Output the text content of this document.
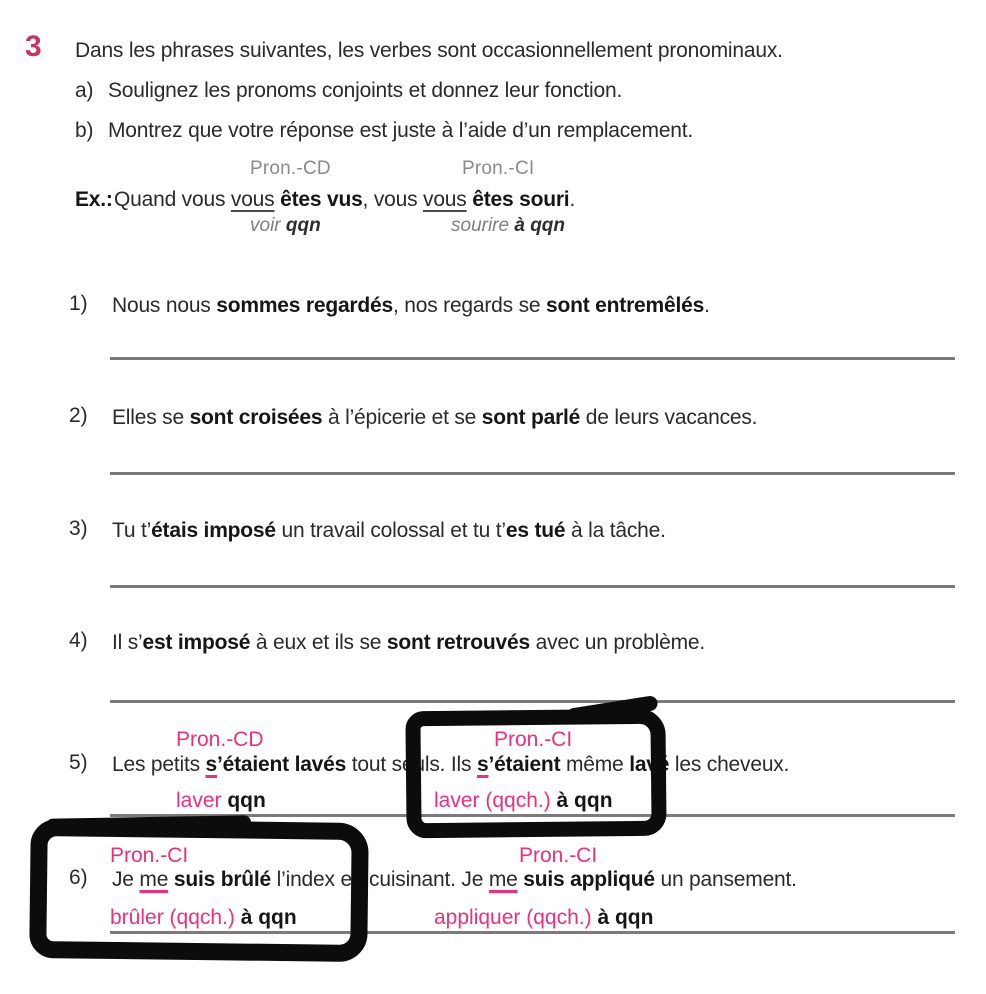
3 Dans les phrases suivantes, les verbes sont occasionnellement pronominaux.
a) Soulignez les pronoms conjoints et donnez leur fonction.
b) Montrez que votre réponse est juste à l’aide d’un remplacement.
Pron.-CD	Pron.-CI
Ex.: Quand vous vous êtes vus, vous vous êtes souri.
voir qqn	sourire à qqn
1) Nous nous sommes regardés, nos regards se sont entremêlés.
2) Elles se sont croisées à l’épicerie et se sont parlé de leurs vacances.
3) Tu t’étais imposé un travail colossal et tu t’es tué à la tâche.
4) Il s’est imposé à eux et ils se sont retrouvés avec un problème.
Pron.-CD	Pron.-CI
5) Les petits s’étaient lavés tout seuls. Ils s’étaient même lavé les cheveux.
laver qqn	laver (qqch.) à qqn
Pron.-CI	Pron.-CI
6) Je me suis brûlé l’index en cuisinant. Je me suis appliqué un pansement.
brûler (qqch.) à qqn	appliquer (qqch.) à qqn
